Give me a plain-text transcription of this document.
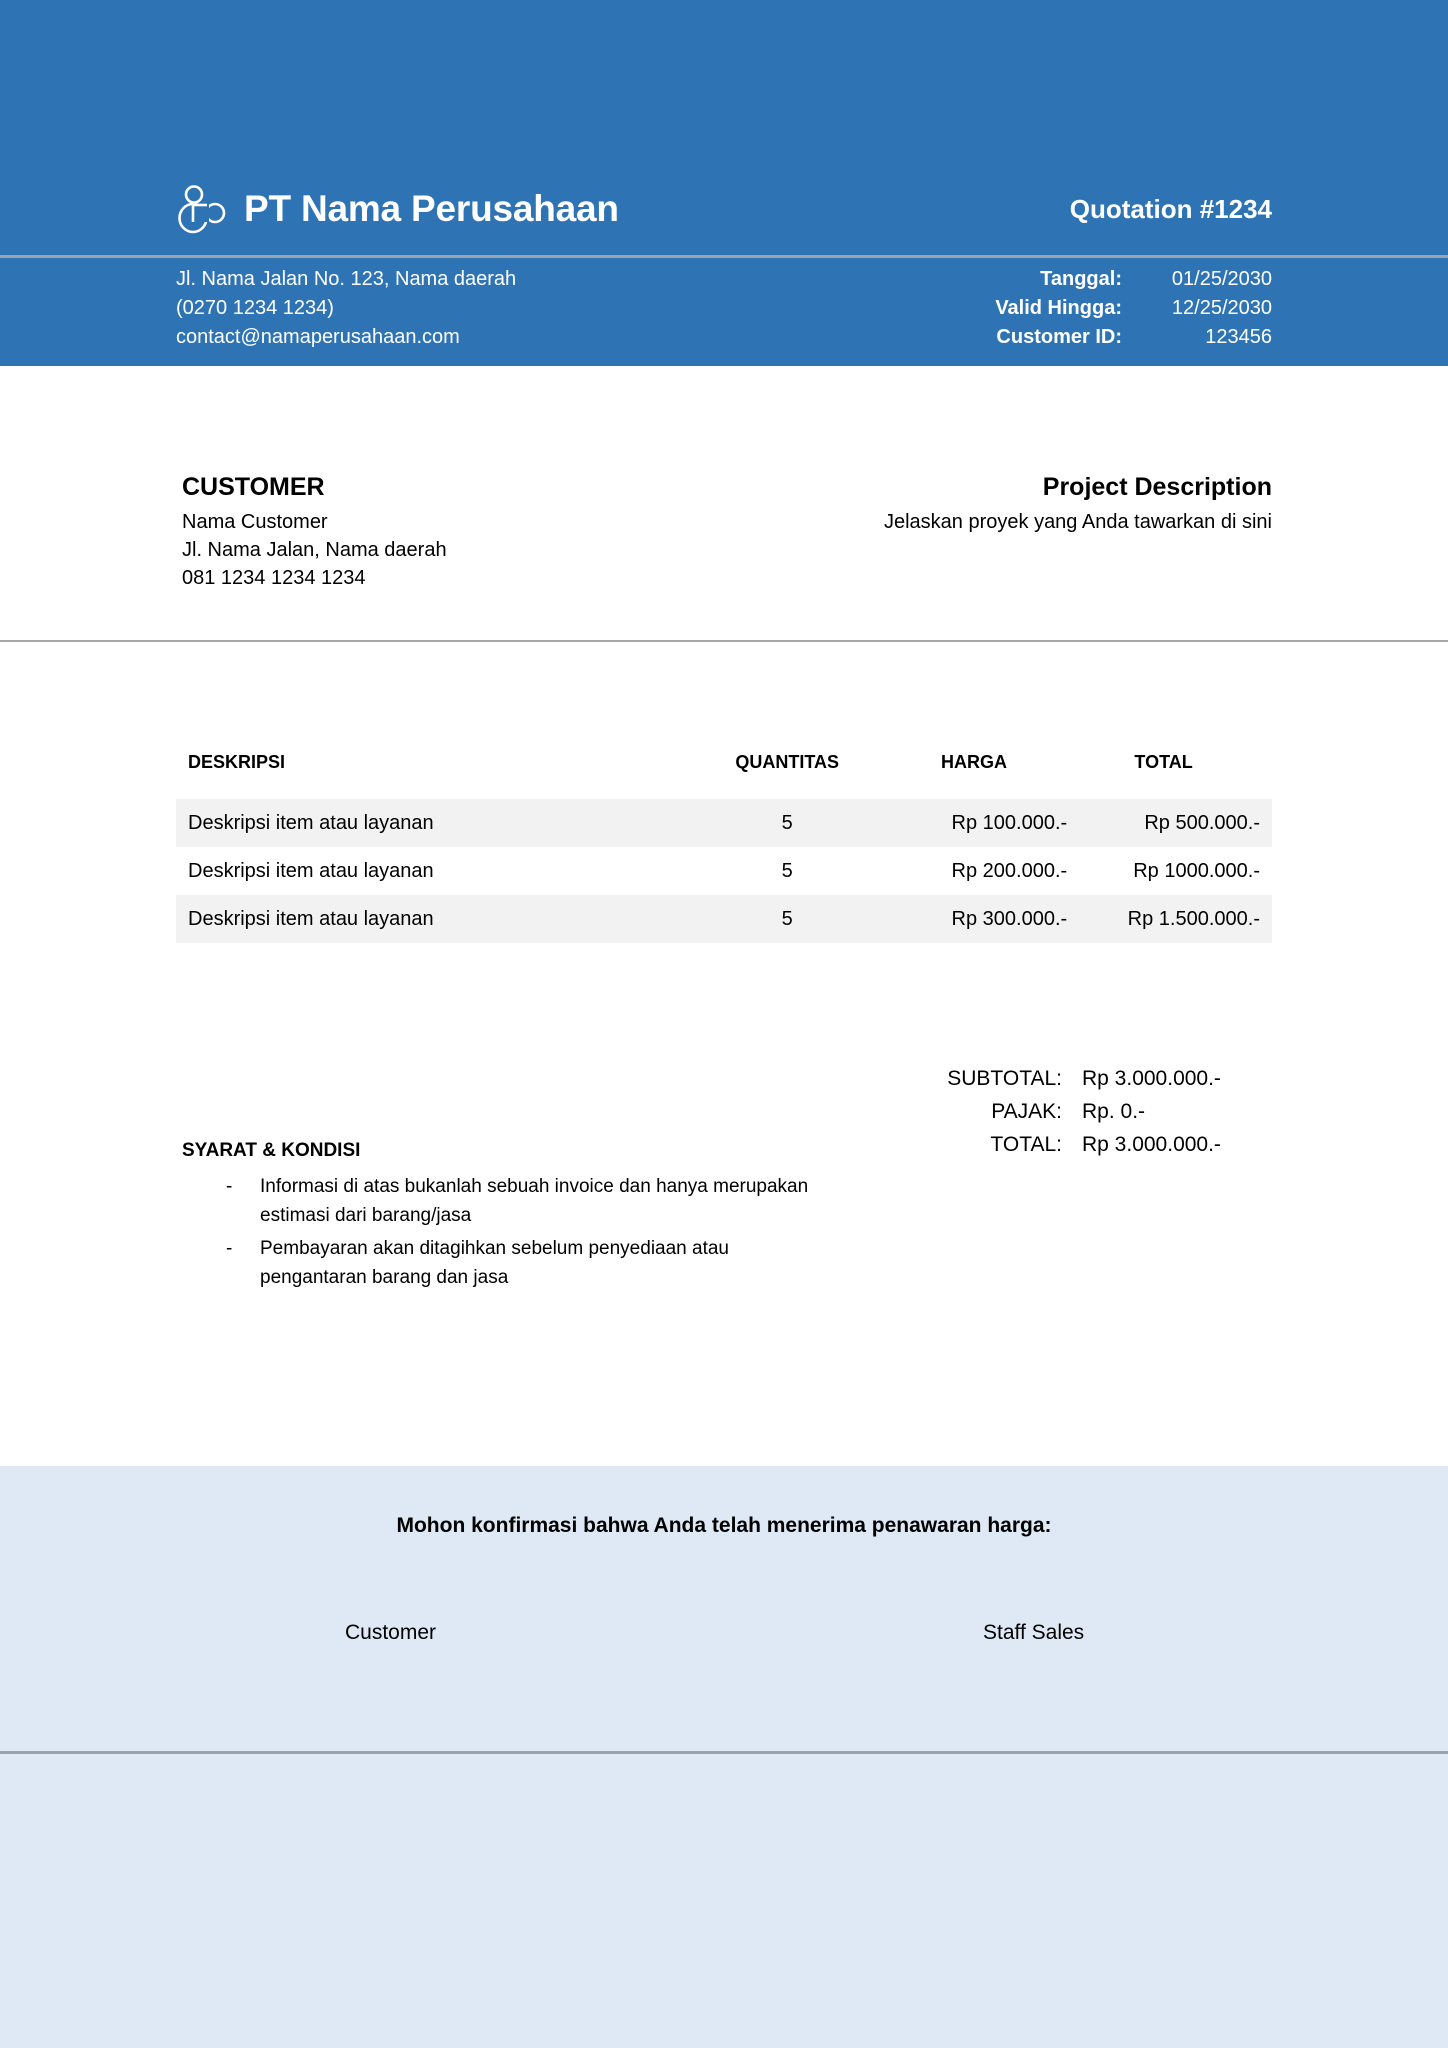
PT Nama Perusahaan	Quotation #1234
Jl. Nama Jalan No. 123, Nama daerah
(0270 1234 1234)
contact@namaperusahaan.com
Tanggal:	01/25/2030
Valid Hingga:	12/25/2030
Customer ID:	123456
CUSTOMER
Nama Customer
Jl. Nama Jalan, Nama daerah
081 1234 1234 1234
Project Description
Jelaskan proyek yang Anda tawarkan di sini
DESKRIPSI	QUANTITAS	HARGA	TOTAL
Deskripsi item atau layanan	5	Rp 100.000.-	Rp 500.000.-
Deskripsi item atau layanan	5	Rp 200.000.-	Rp 1000.000.-
Deskripsi item atau layanan	5	Rp 300.000.-	Rp 1.500.000.-
SUBTOTAL:	Rp 3.000.000.-
PAJAK:	Rp. 0.-
TOTAL:	Rp 3.000.000.-
SYARAT & KONDISI
- Informasi di atas bukanlah sebuah invoice dan hanya merupakan estimasi dari barang/jasa
- Pembayaran akan ditagihkan sebelum penyediaan atau pengantaran barang dan jasa
Mohon konfirmasi bahwa Anda telah menerima penawaran harga:
Customer	Staff Sales
